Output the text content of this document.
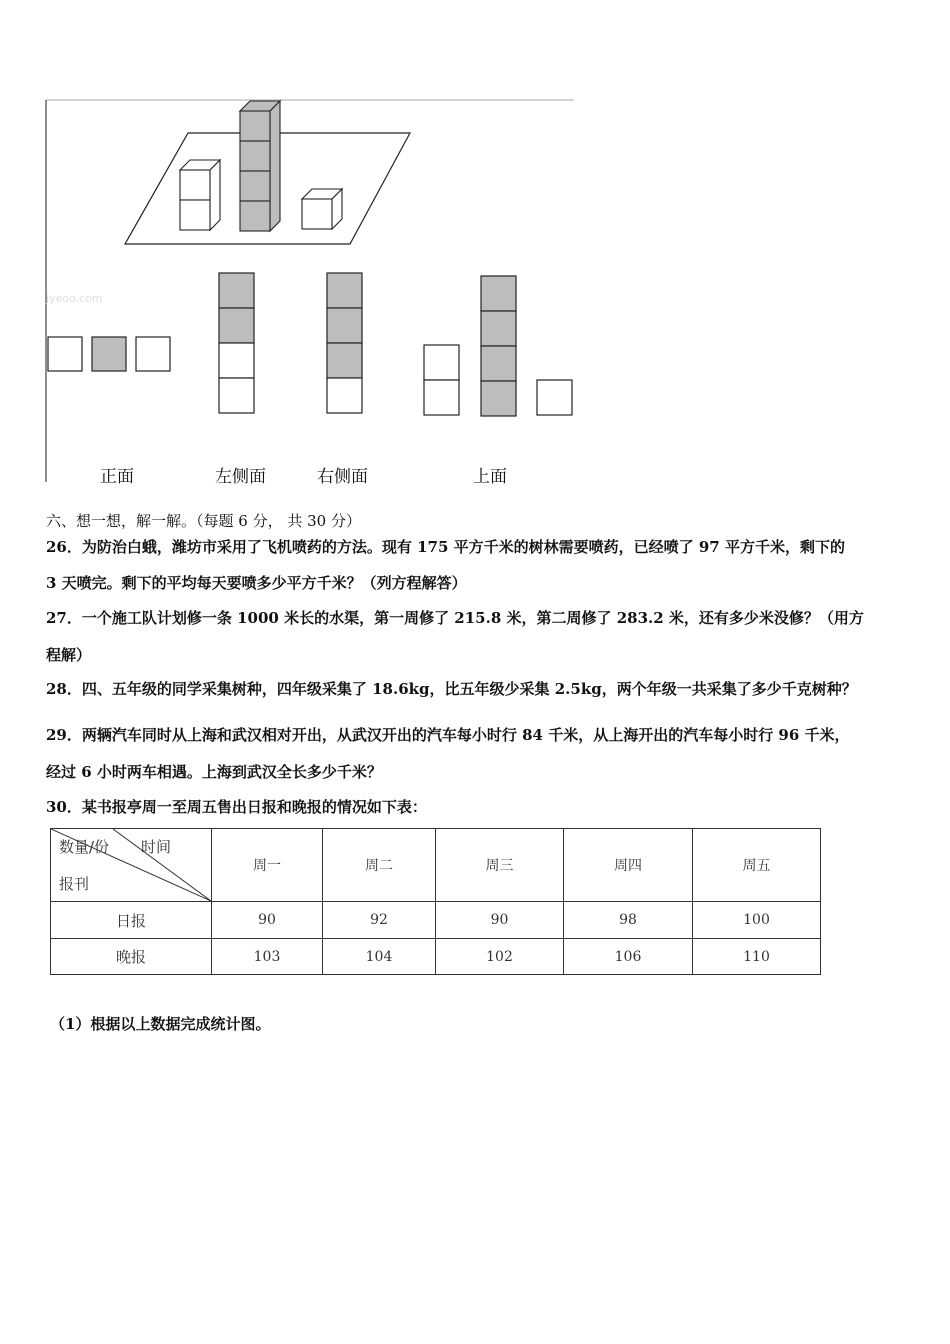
jyeoo.com
正面	左侧面	右侧面	上面
六、想一想，解一解。（每题 6 分， 共 30 分）
26．为防治白蛾，潍坊市采用了飞机喷药的方法。现有 175 平方千米的树林需要喷药，已经喷了 97 平方千米，剩下的
3 天喷完。剩下的平均每天要喷多少平方千米？（列方程解答）
27．一个施工队计划修一条 1000 米长的水渠，第一周修了 215.8 米，第二周修了 283.2 米，还有多少米没修？（用方
程解）
28．四、五年级的同学采集树种，四年级采集了 18.6kg，比五年级少采集 2.5kg，两个年级一共采集了多少千克树种？
29．两辆汽车同时从上海和武汉相对开出，从武汉开出的汽车每小时行 84 千米，从上海开出的汽车每小时行 96 千米，
经过 6 小时两车相遇。上海到武汉全长多少千米？
30．某书报亭周一至周五售出日报和晚报的情况如下表：
数量/份 时间
报刊	周一	周二	周三	周四	周五
日报	90	92	90	98	100
晚报	103	104	102	106	110
（1）根据以上数据完成统计图。
